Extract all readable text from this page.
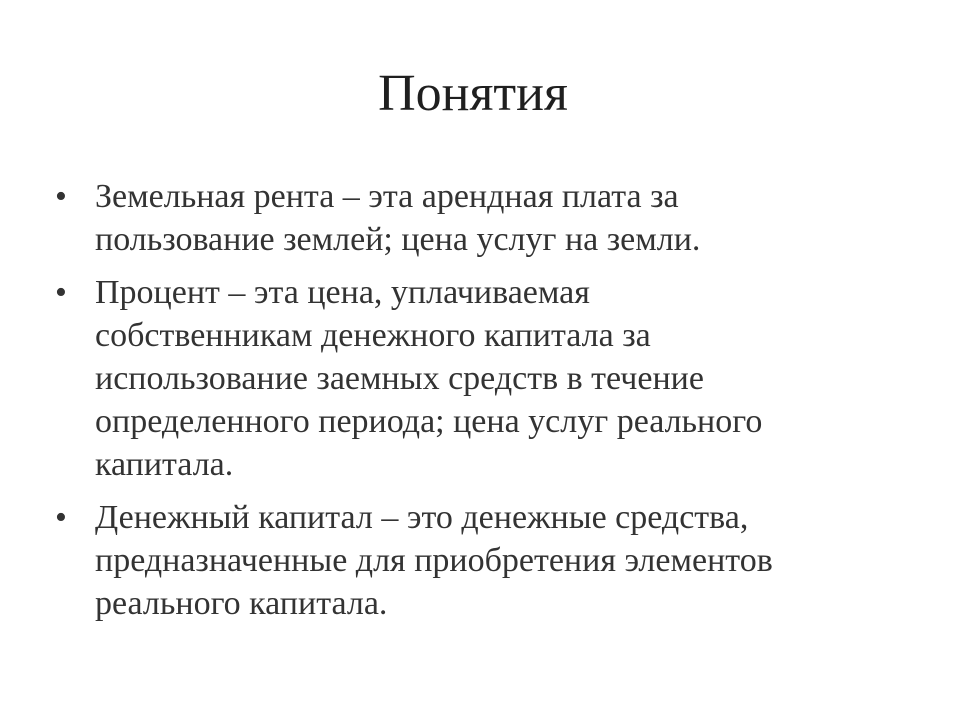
Понятия
• Земельная рента – эта арендная плата за
пользование землей; цена услуг на земли.
• Процент – эта цена, уплачиваемая
собственникам денежного капитала за
использование заемных средств в течение
определенного периода; цена услуг реального
капитала.
• Денежный капитал – это денежные средства,
предназначенные для приобретения элементов
реального капитала.
